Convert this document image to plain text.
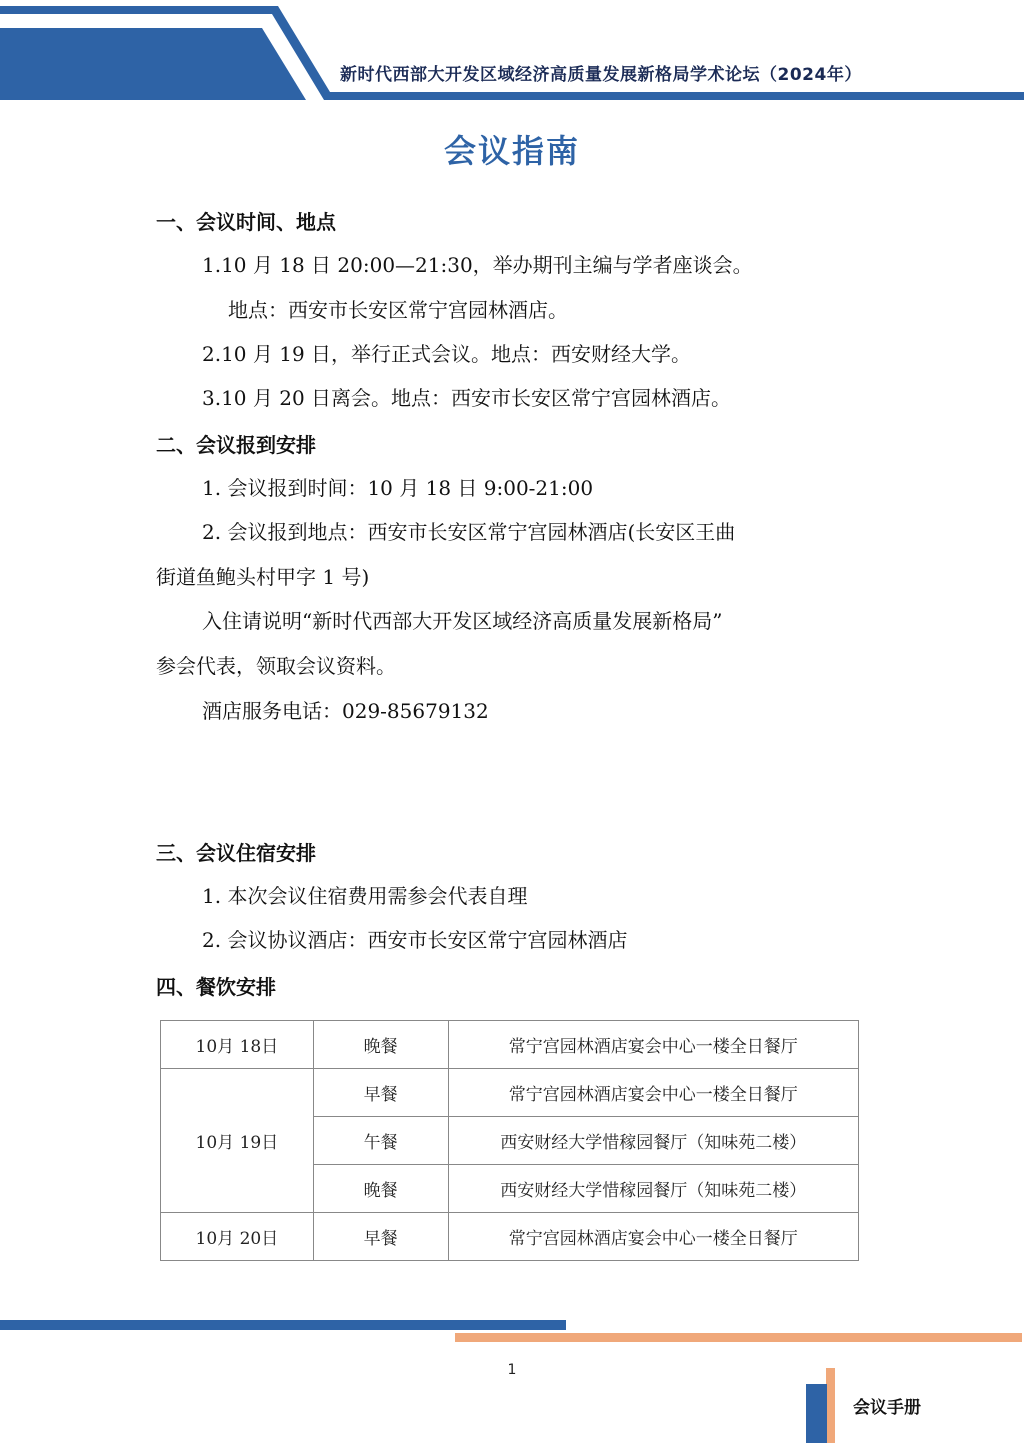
新时代西部大开发区域经济高质量发展新格局学术论坛（2024年）
会议指南
一、会议时间、地点
1.10 月 18 日 20:00—21:30，举办期刊主编与学者座谈会。
地点：西安市长安区常宁宫园林酒店。
2.10 月 19 日，举行正式会议。地点：西安财经大学。
3.10 月 20 日离会。地点：西安市长安区常宁宫园林酒店。
二、会议报到安排
1. 会议报到时间：10 月 18 日 9:00-21:00
2. 会议报到地点：西安市长安区常宁宫园林酒店(长安区王曲
街道鱼鲍头村甲字 1 号)
入住请说明“新时代西部大开发区域经济高质量发展新格局”
参会代表，领取会议资料。
酒店服务电话：029-85679132
三、会议住宿安排
1. 本次会议住宿费用需参会代表自理
2. 会议协议酒店：西安市长安区常宁宫园林酒店
四、餐饮安排
10月 18日	晚餐	常宁宫园林酒店宴会中心一楼全日餐厅
10月 19日	早餐	常宁宫园林酒店宴会中心一楼全日餐厅
	午餐	西安财经大学惜稼园餐厅（知味苑二楼）
	晚餐	西安财经大学惜稼园餐厅（知味苑二楼）
10月 20日	早餐	常宁宫园林酒店宴会中心一楼全日餐厅
1
会议手册
